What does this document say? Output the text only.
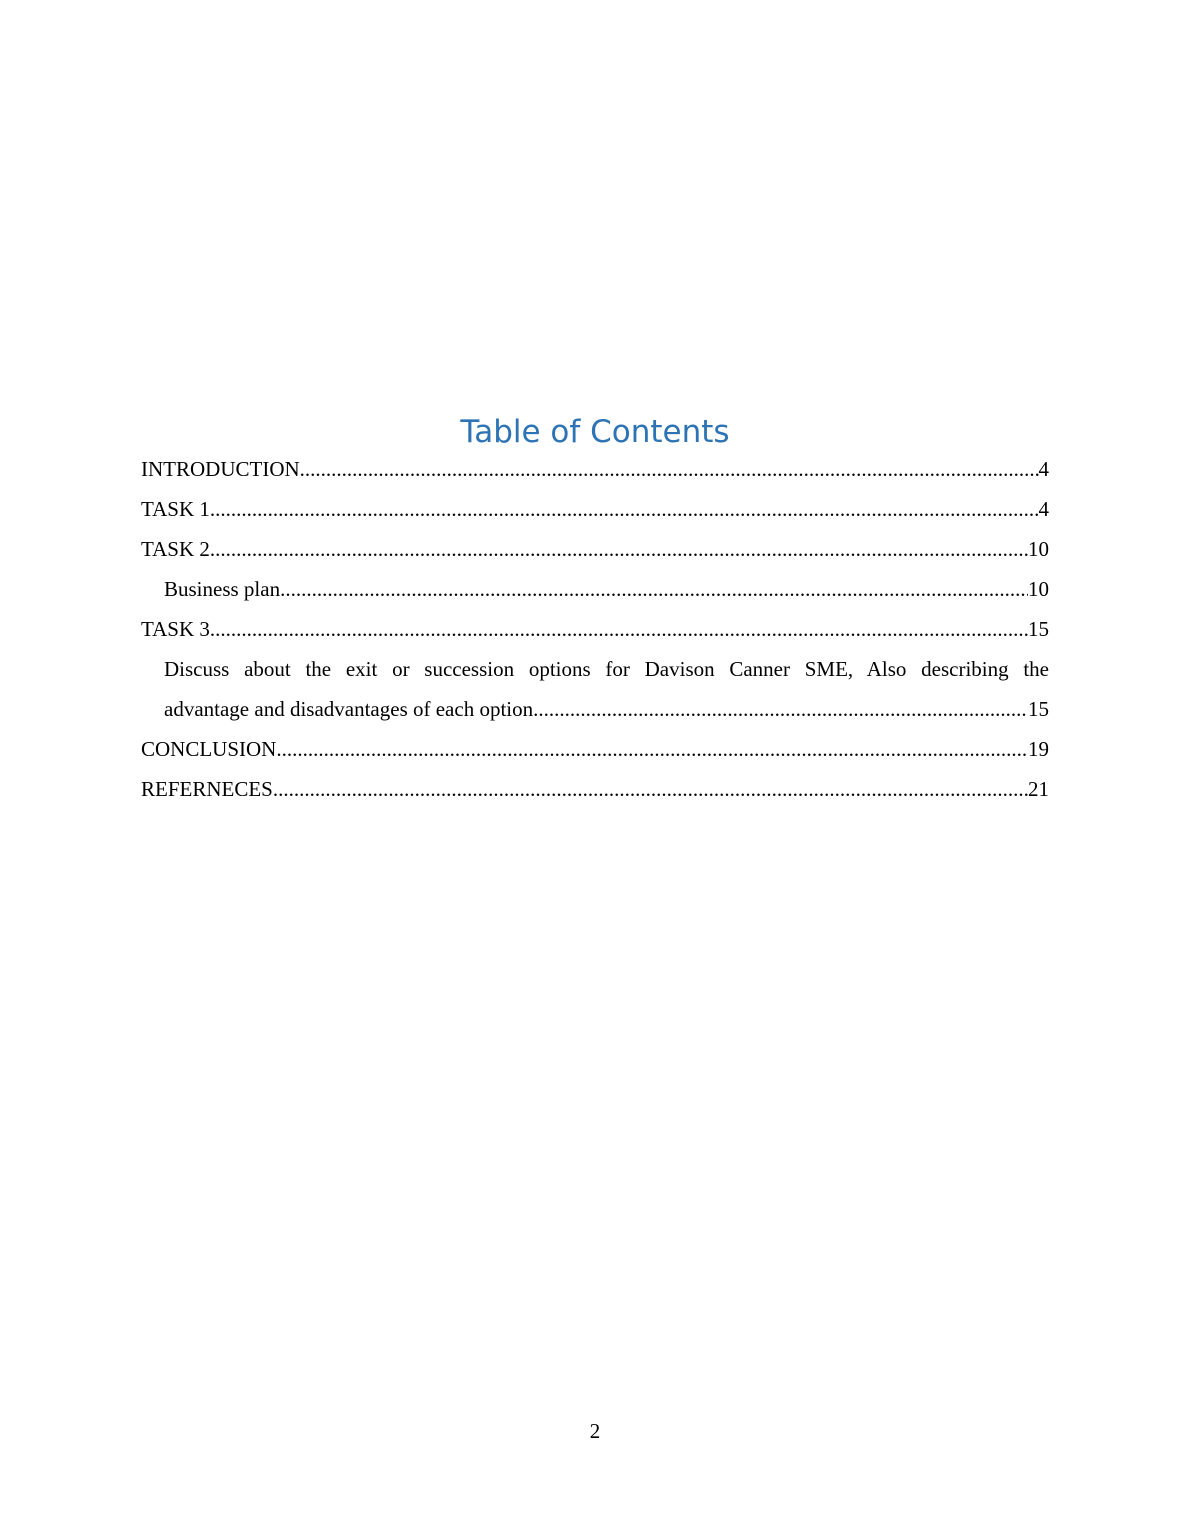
Table of Contents
INTRODUCTION .....	4
TASK 1 .....	4
TASK 2 .....	10
Business plan .....	10
TASK 3 .....	15
Discuss about the exit or succession options for Davison Canner SME, Also describing the
advantage and disadvantages of each option .....	15
CONCLUSION .....	19
REFERNECES .....	21
2
